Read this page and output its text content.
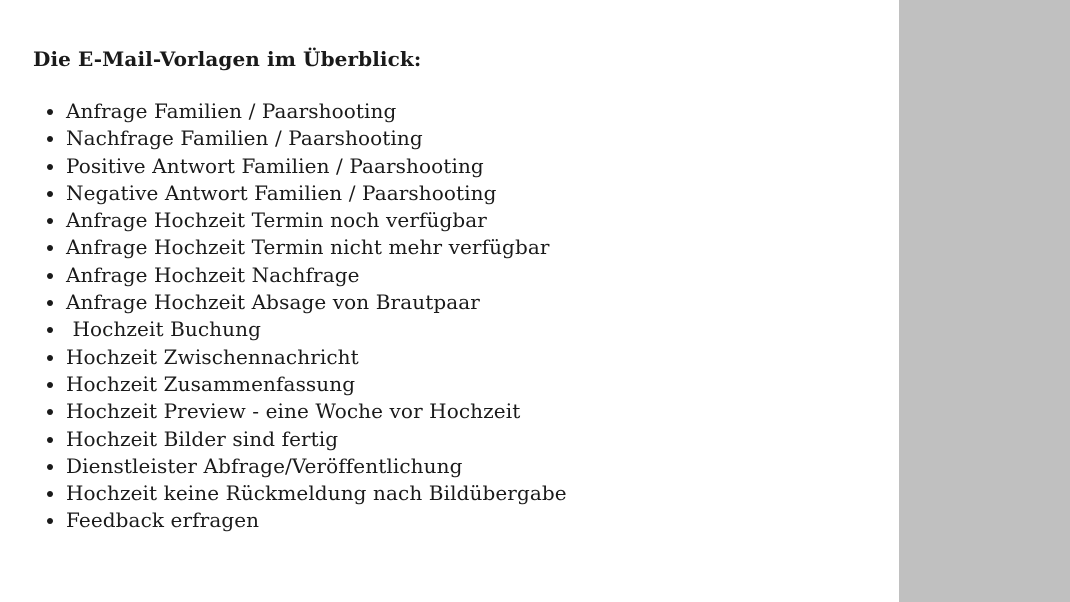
Die E-Mail-Vorlagen im Überblick:
• Anfrage Familien / Paarshooting
• Nachfrage Familien / Paarshooting
• Positive Antwort Familien / Paarshooting
• Negative Antwort Familien / Paarshooting
• Anfrage Hochzeit Termin noch verfügbar
• Anfrage Hochzeit Termin nicht mehr verfügbar
• Anfrage Hochzeit Nachfrage
• Anfrage Hochzeit Absage von Brautpaar
•  Hochzeit Buchung
• Hochzeit Zwischennachricht
• Hochzeit Zusammenfassung
• Hochzeit Preview - eine Woche vor Hochzeit
• Hochzeit Bilder sind fertig
• Dienstleister Abfrage/Veröffentlichung
• Hochzeit keine Rückmeldung nach Bildübergabe
• Feedback erfragen
